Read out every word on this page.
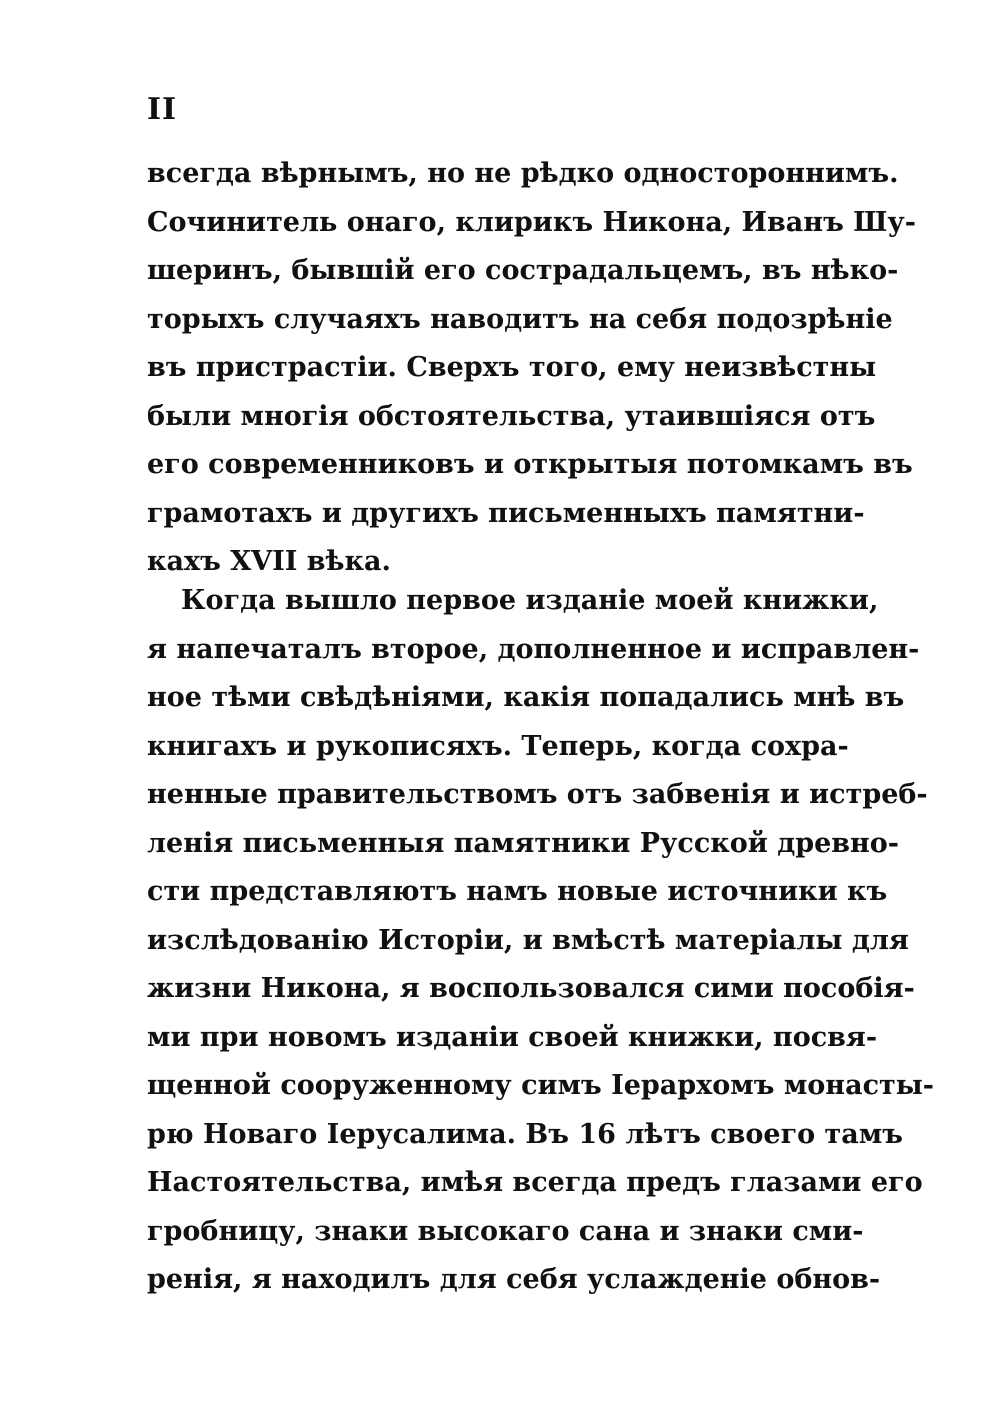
II
всегда вѣрнымъ, но не рѣдко одностороннимъ.
Сочинитель онаго, клирикъ Никона, Иванъ Шу-
шеринъ, бывшій его сострадальцемъ, въ нѣко-
торыхъ случаяхъ наводитъ на себя подозрѣніе
въ пристрастіи. Сверхъ того, ему неизвѣстны
были многія обстоятельства, утаившіяся отъ
его современниковъ и открытыя потомкамъ въ
грамотахъ и другихъ письменныхъ памятни-
кахъ XVII вѣка.
Когда вышло первое изданіе моей книжки,
я напечаталъ второе, дополненное и исправлен-
ное тѣми свѣдѣніями, какія попадались мнѣ въ
книгахъ и рукописяхъ. Теперь, когда сохра-
ненные правительствомъ отъ забвенія и истреб-
ленія письменныя памятники Русской древно-
сти представляютъ намъ новые источники къ
изслѣдованію Исторіи, и вмѣстѣ матеріалы для
жизни Никона, я воспользовался сими пособія-
ми при новомъ изданіи своей книжки, посвя-
щенной сооруженному симъ Іерархомъ монасты-
рю Новаго Іерусалима. Въ 16 лѣтъ своего тамъ
Настоятельства, имѣя всегда предъ глазами его
гробницу, знаки высокаго сана и знаки сми-
ренія, я находилъ для себя услажденіе обнов-
